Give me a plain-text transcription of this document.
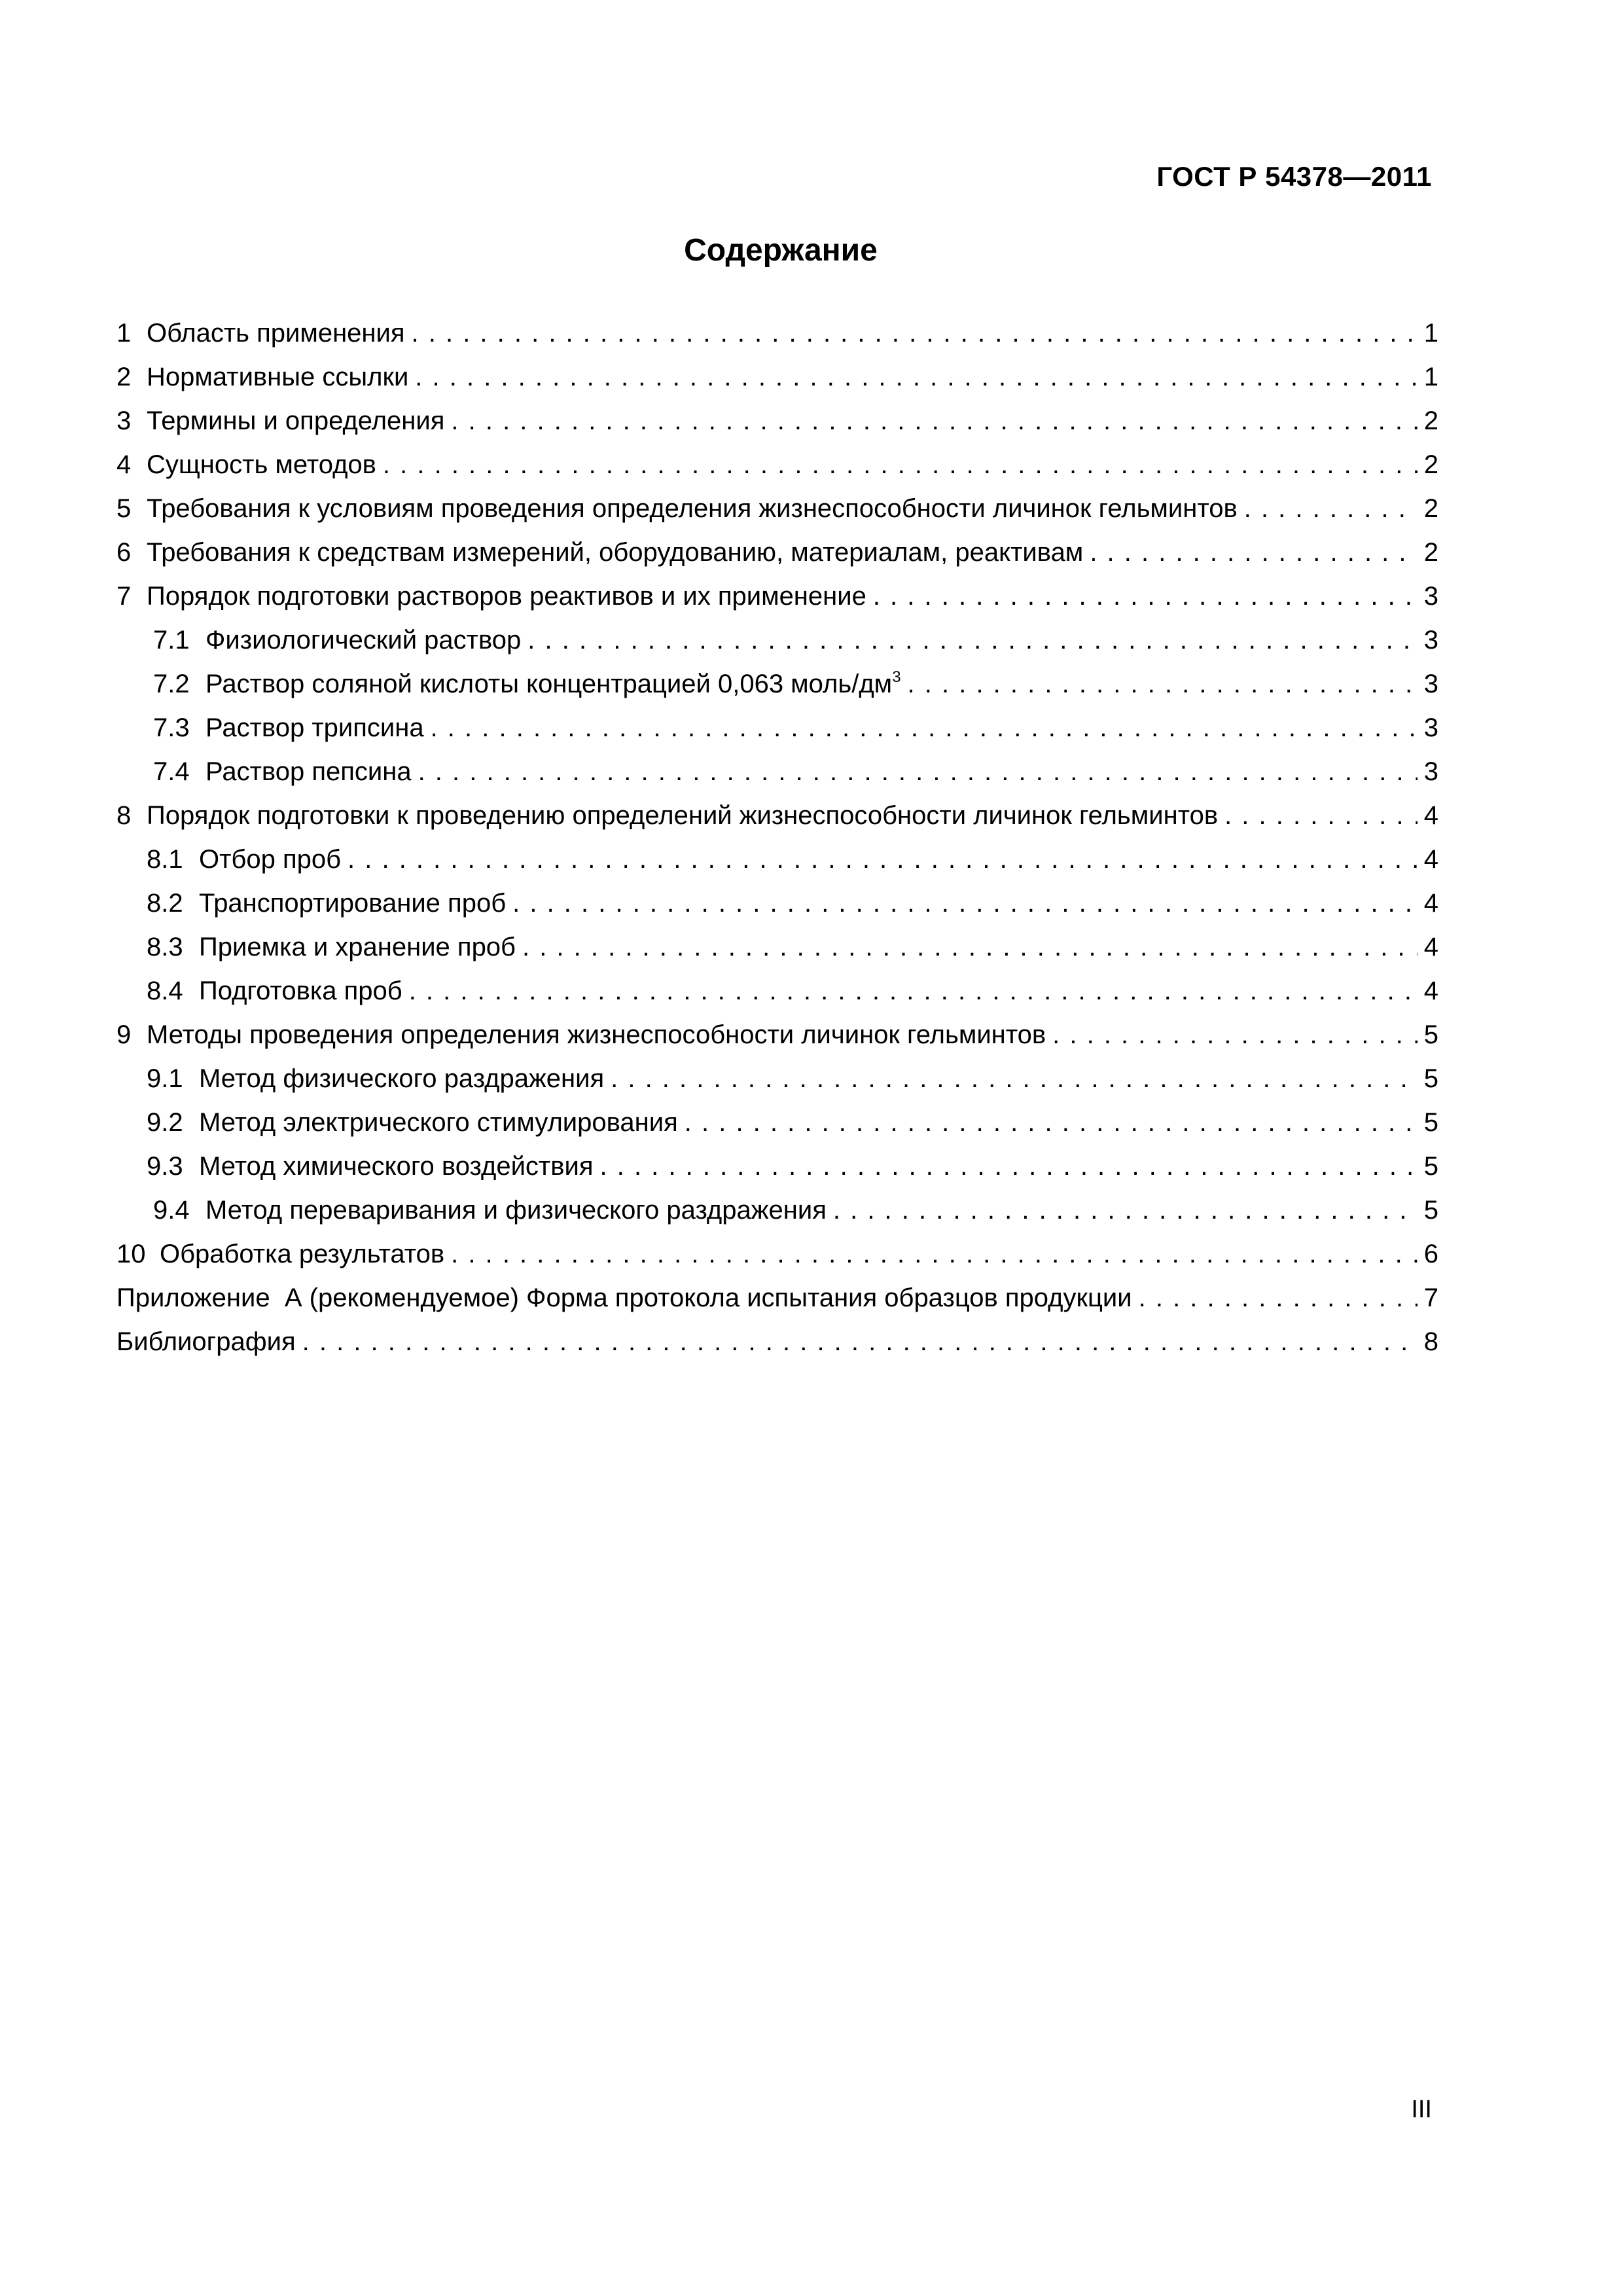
ГОСТ Р 54378—2011
Содержание
1 Область применения . . .	1
2 Нормативные ссылки . . .	1
3 Термины и определения . . .	2
4 Сущность методов . . .	2
5 Требования к условиям проведения определения жизнеспособности личинок гельминтов . . .	2
6 Требования к средствам измерений, оборудованию, материалам, реактивам . . .	2
7 Порядок подготовки растворов реактивов и их применение . . .	3
7.1 Физиологический раствор . . .	3
7.2 Раствор соляной кислоты концентрацией 0,063 моль/$дм^3$ . . .	3
7.3 Раствор трипсина . . .	3
7.4 Раствор пепсина . . .	3
8 Порядок подготовки к проведению определений жизнеспособности личинок гельминтов . . .	4
8.1 Отбор проб . . .	4
8.2 Транспортирование проб . . .	4
8.3 Приемка и хранение проб . . .	4
8.4 Подготовка проб . . .	4
9 Методы проведения определения жизнеспособности личинок гельминтов . . .	5
9.1 Метод физического раздражения . . .	5
9.2 Метод электрического стимулирования . . .	5
9.3 Метод химического воздействия . . .	5
9.4 Метод переваривания и физического раздражения . . .	5
10 Обработка результатов . . .	6
Приложение  А (рекомендуемое) Форма протокола испытания образцов продукции . . .	7
Библиография . . .	8
III
